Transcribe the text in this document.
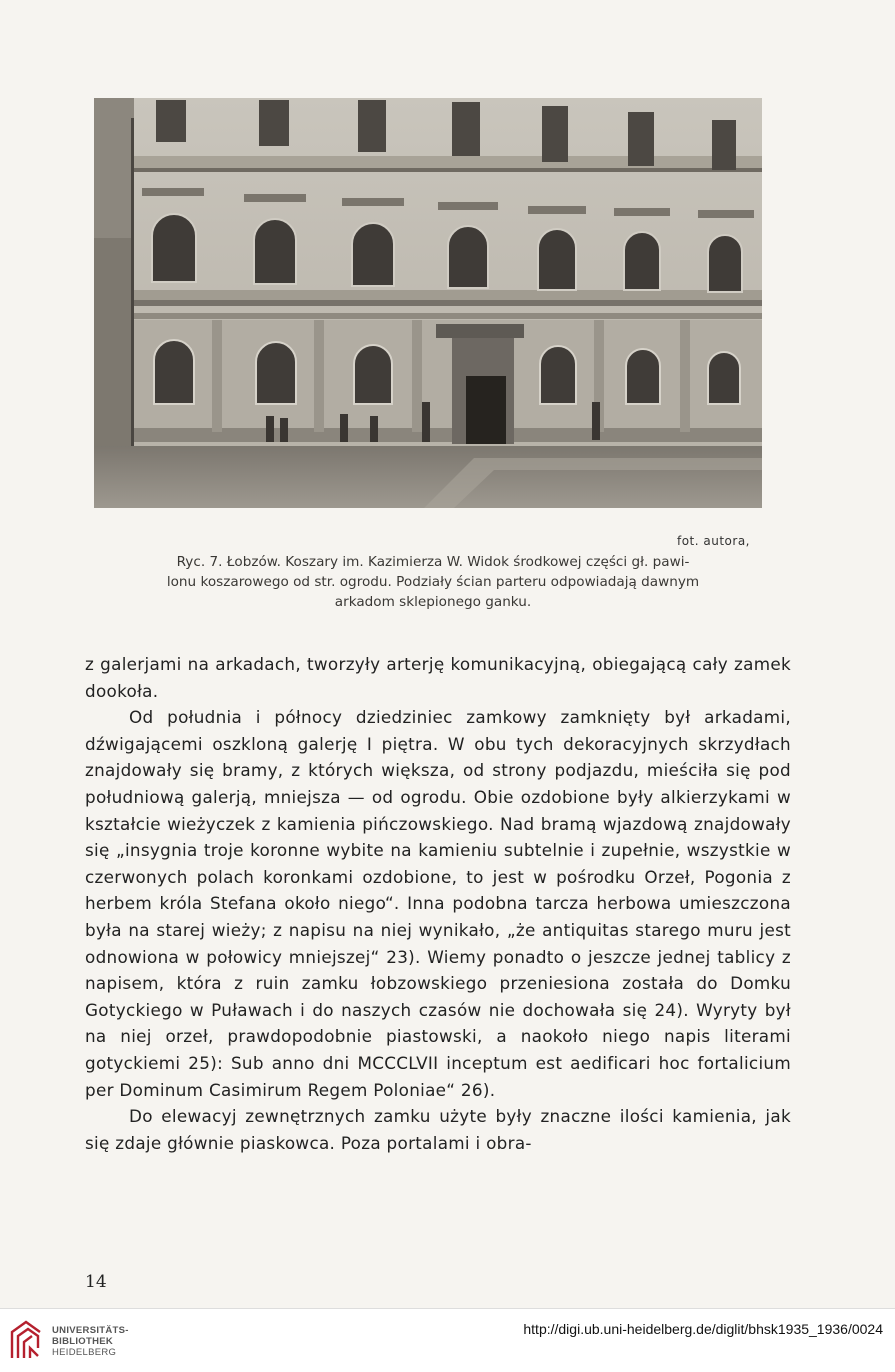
fot. autora,
Ryc. 7. Łobzów. Koszary im. Kazimierza W. Widok środkowej części gł. pawi-
lonu koszarowego od str. ogrodu. Podziały ścian parteru odpowiadają dawnym
arkadom sklepionego ganku.

z galerjami na arkadach, tworzyły arterję komunikacyjną, obiegającą cały zamek dookoła.

Od południa i północy dziedziniec zamkowy zamknięty był arkadami, dźwigającemi oszkloną galerję I piętra. W obu tych dekoracyjnych skrzydłach znajdowały się bramy, z których większa, od strony podjazdu, mieściła się pod południową galerją, mniejsza — od ogrodu. Obie ozdobione były alkierzykami w kształcie wieżyczek z kamienia pińczowskiego. Nad bramą wjazdową znajdowały się „insygnia troje koronne wybite na kamieniu subtelnie i zupełnie, wszystkie w czerwonych polach koronkami ozdobione, to jest w pośrodku Orzeł, Pogonia z herbem króla Stefana około niego“. Inna podobna tarcza herbowa umieszczona była na starej wieży; z napisu na niej wynikało, „że antiquitas starego muru jest odnowiona w połowicy mniejszej“ 23). Wiemy ponadto o jeszcze jednej tablicy z napisem, która z ruin zamku łobzowskiego przeniesiona została do Domku Gotyckiego w Puławach i do naszych czasów nie dochowała się 24). Wyryty był na niej orzeł, prawdopodobnie piastowski, a naokoło niego napis literami gotyckiemi 25): Sub anno dni MCCCLVII inceptum est aedificari hoc fortalicium per Dominum Casimirum Regem Poloniae“ 26).

Do elewacyj zewnętrznych zamku użyte były znaczne ilości kamienia, jak się zdaje głównie piaskowca. Poza portalami i obra-

14
UNIVERSITÄTS-
BIBLIOTHEK
HEIDELBERG
http://digi.ub.uni-heidelberg.de/diglit/bhsk1935_1936/0024
